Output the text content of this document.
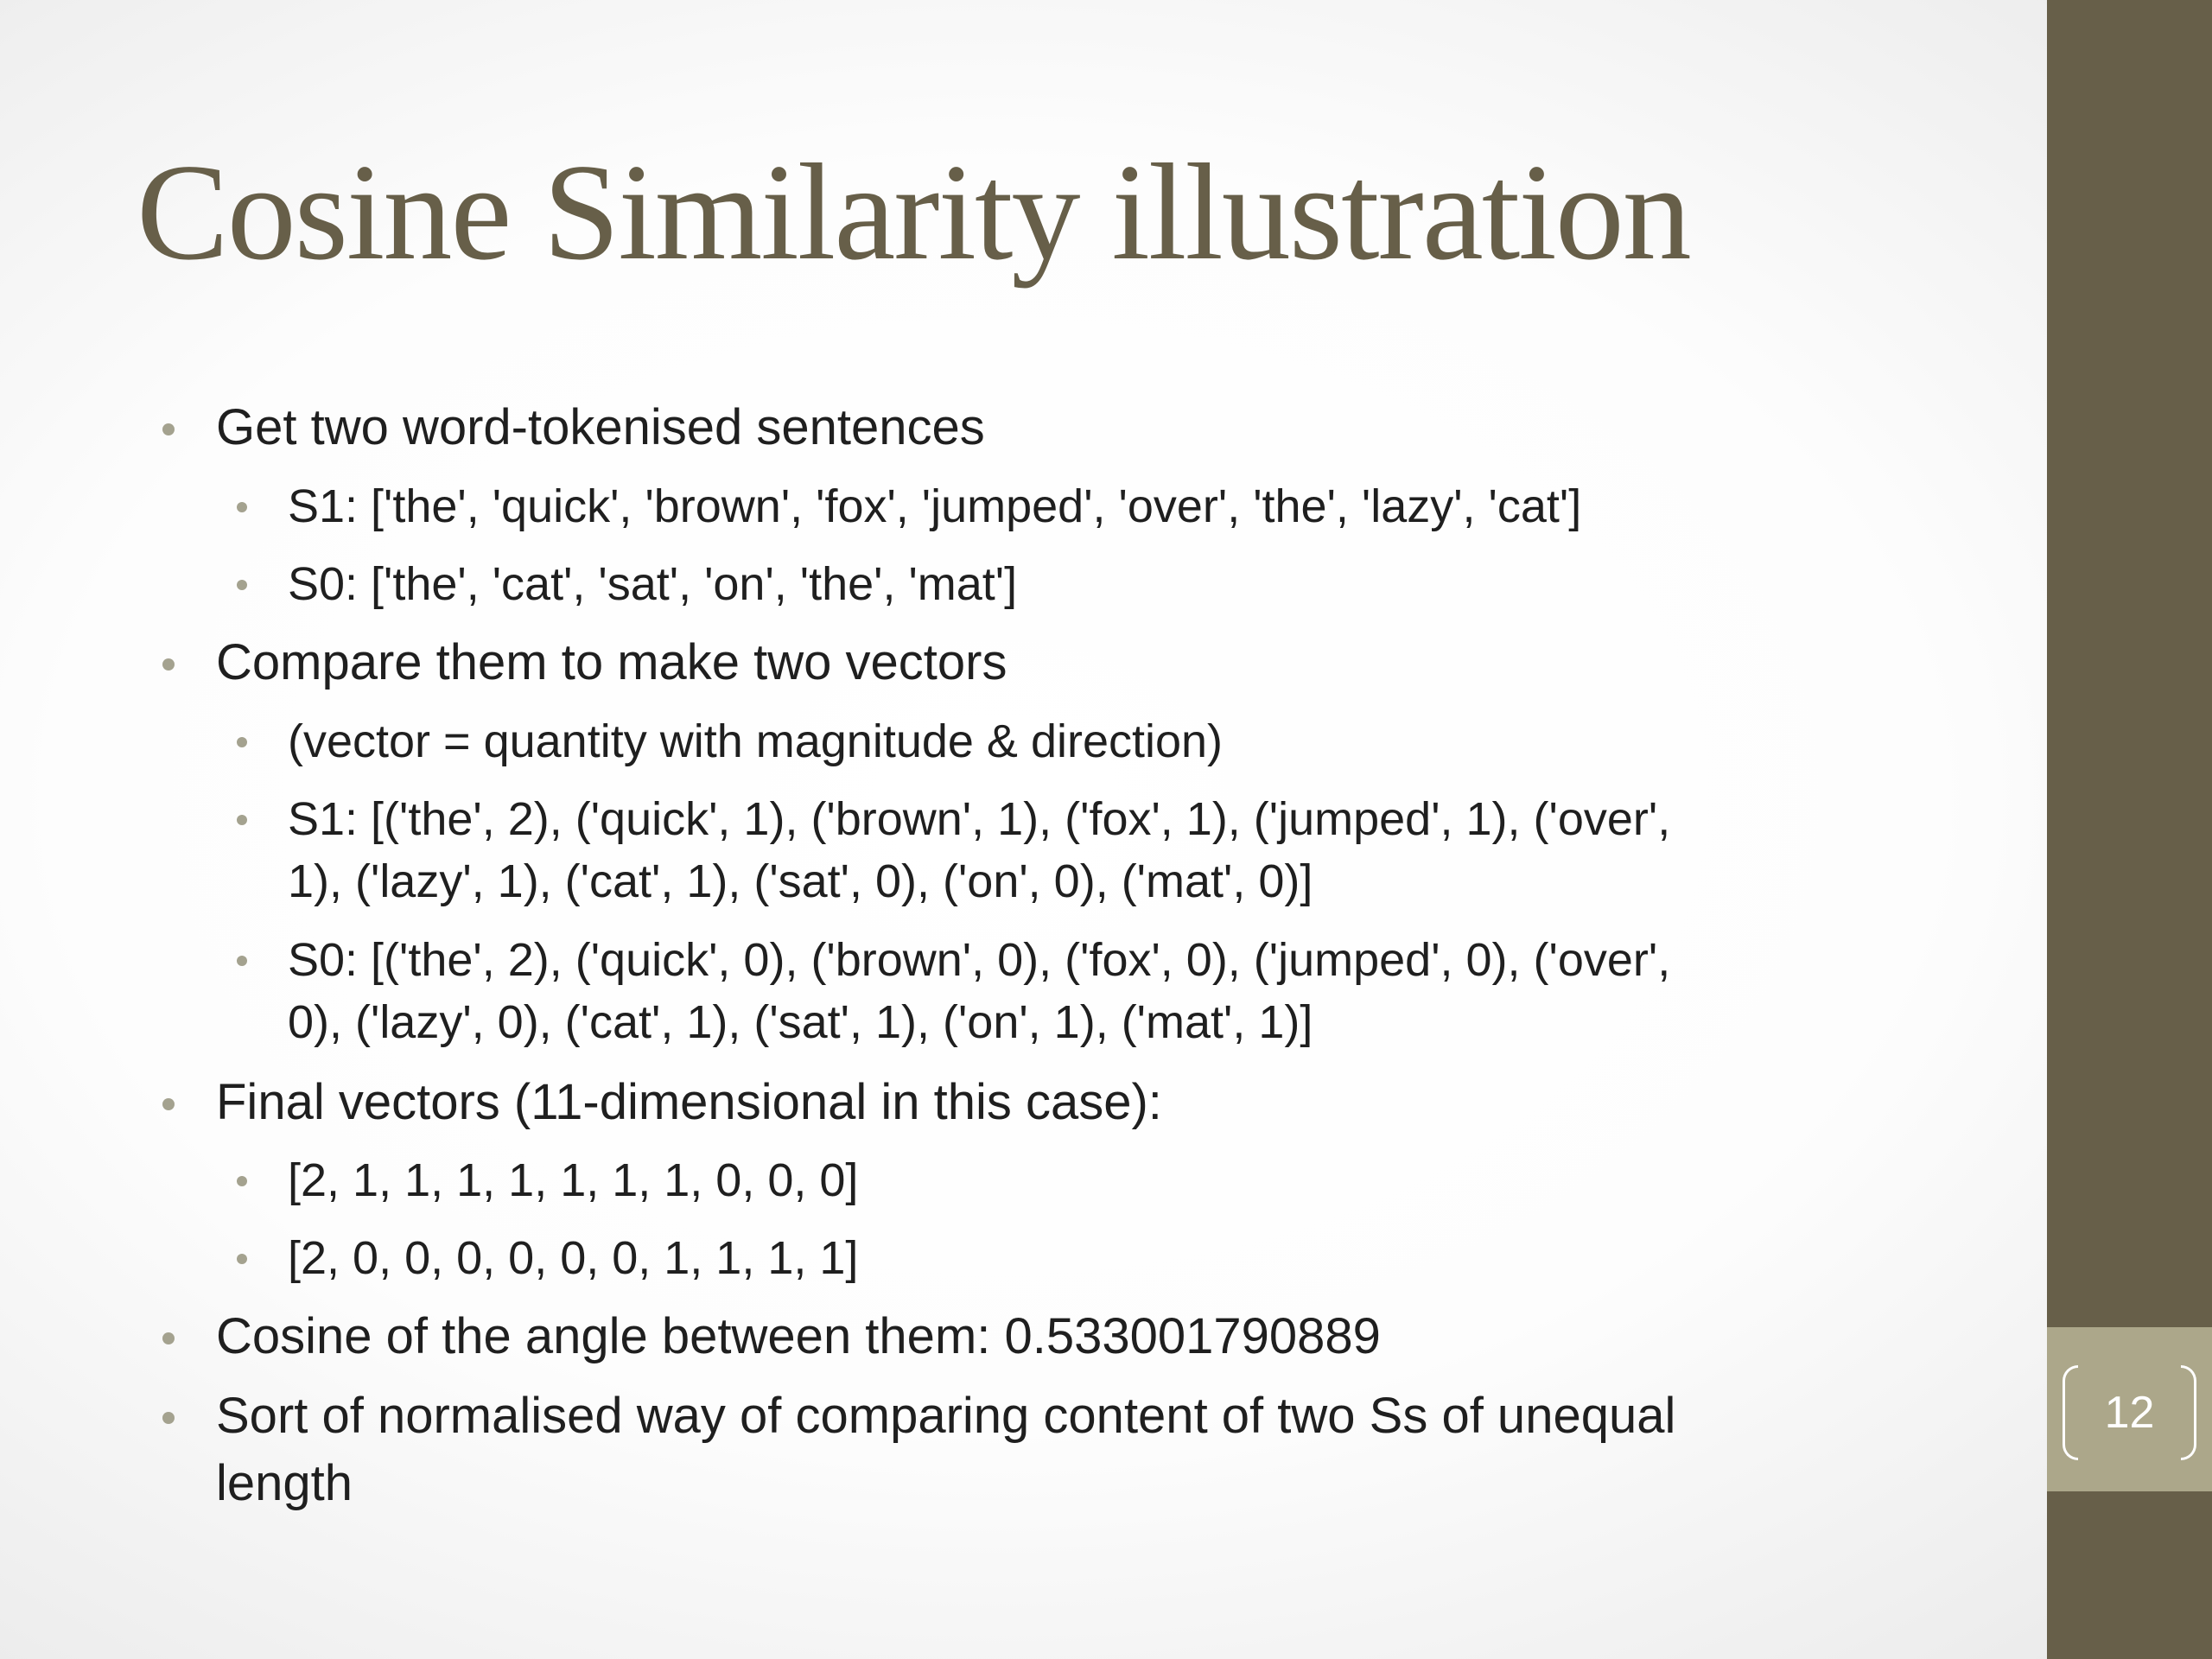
Cosine Similarity illustration
Get two word-tokenised sentences
S1: ['the', 'quick', 'brown', 'fox', 'jumped', 'over', 'the', 'lazy', 'cat']
S0: ['the', 'cat', 'sat', 'on', 'the', 'mat']
Compare them to make two vectors
(vector = quantity with magnitude & direction)
S1: [('the', 2), ('quick', 1), ('brown', 1), ('fox', 1), ('jumped', 1), ('over',
1), ('lazy', 1), ('cat', 1), ('sat', 0), ('on', 0), ('mat', 0)]
S0: [('the', 2), ('quick', 0), ('brown', 0), ('fox', 0), ('jumped', 0), ('over',
0), ('lazy', 0), ('cat', 1), ('sat', 1), ('on', 1), ('mat', 1)]
Final vectors (11-dimensional in this case):
[2, 1, 1, 1, 1, 1, 1, 1, 0, 0, 0]
[2, 0, 0, 0, 0, 0, 0, 1, 1, 1, 1]
Cosine of the angle between them: 0.533001790889
Sort of normalised way of comparing content of two Ss of unequal
length
12
